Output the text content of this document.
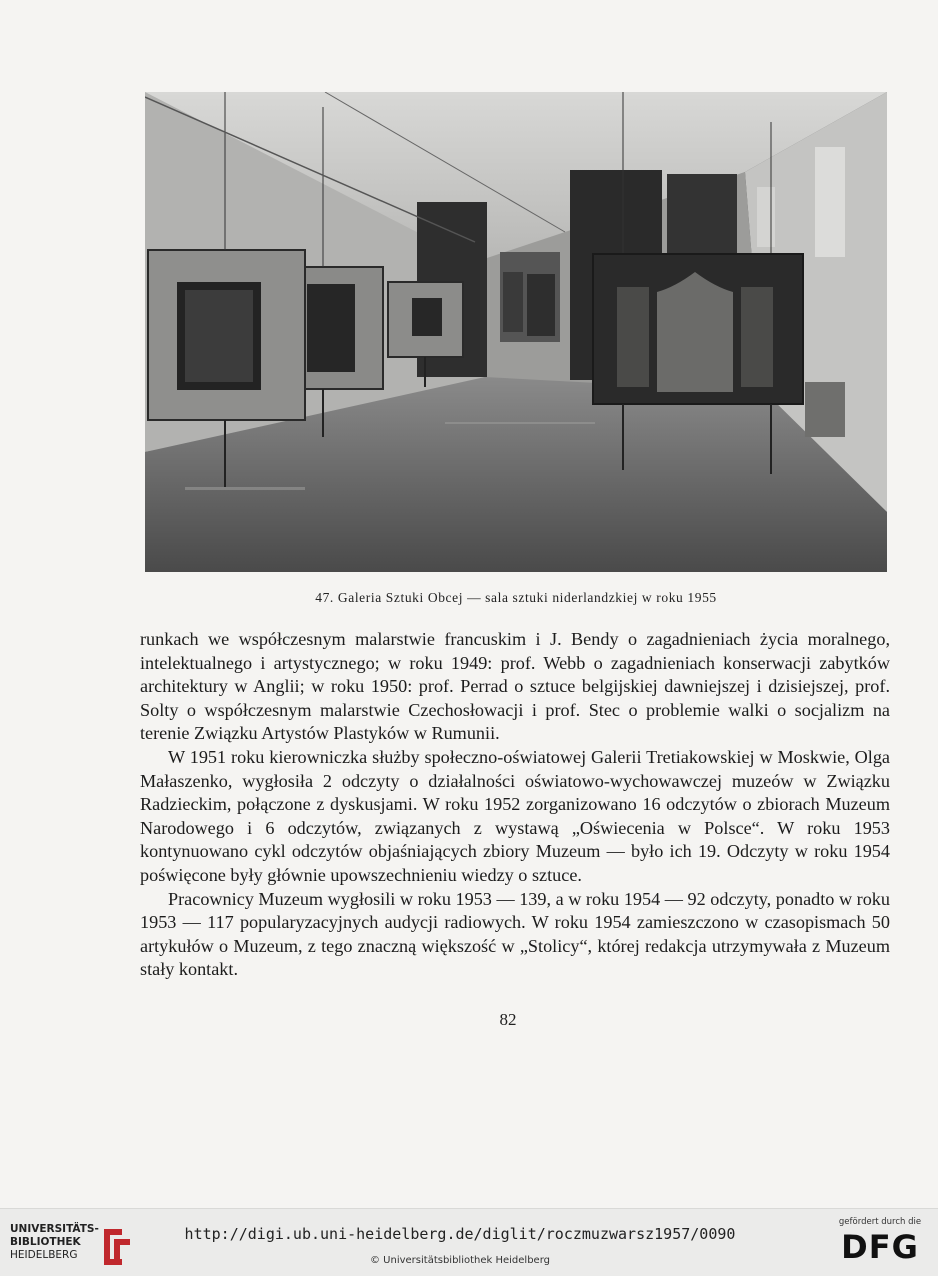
47. Galeria Sztuki Obcej — sala sztuki niderlandzkiej w roku 1955

runkach we współczesnym malarstwie francuskim i J. Bendy o zagadnieniach życia moralnego, intelektualnego i artystycznego; w roku 1949: prof. Webb o zagadnieniach konserwacji zabytków architektury w Anglii; w roku 1950: prof. Perrad o sztuce belgijskiej dawniejszej i dzisiejszej, prof. Solty o współczesnym malarstwie Czechosłowacji i prof. Stec o problemie walki o socjalizm na terenie Związku Artystów Plastyków w Rumunii.

W 1951 roku kierowniczka służby społeczno-oświatowej Galerii Tretiakowskiej w Moskwie, Olga Małaszenko, wygłosiła 2 odczyty o działalności oświatowo-wychowawczej muzeów w Związku Radzieckim, połączone z dyskusjami. W roku 1952 zorganizowano 16 odczytów o zbiorach Muzeum Narodowego i 6 odczytów, związanych z wystawą „Oświecenia w Polsce“. W roku 1953 kontynuowano cykl odczytów objaśniających zbiory Muzeum — było ich 19. Odczyty w roku 1954 poświęcone były głównie upowszechnieniu wiedzy o sztuce.

Pracownicy Muzeum wygłosili w roku 1953 — 139, a w roku 1954 — 92 odczyty, ponadto w roku 1953 — 117 popularyzacyjnych audycji radiowych. W roku 1954 zamieszczono w czasopismach 50 artykułów o Muzeum, z tego znaczną większość w „Stolicy“, której redakcja utrzymywała z Muzeum stały kontakt.

82
UNIVERSITÄTS-
BIBLIOTHEK
HEIDELBERG
http://digi.ub.uni-heidelberg.de/diglit/roczmuzwarsz1957/0090
© Universitätsbibliothek Heidelberg
gefördert durch die
DFG
